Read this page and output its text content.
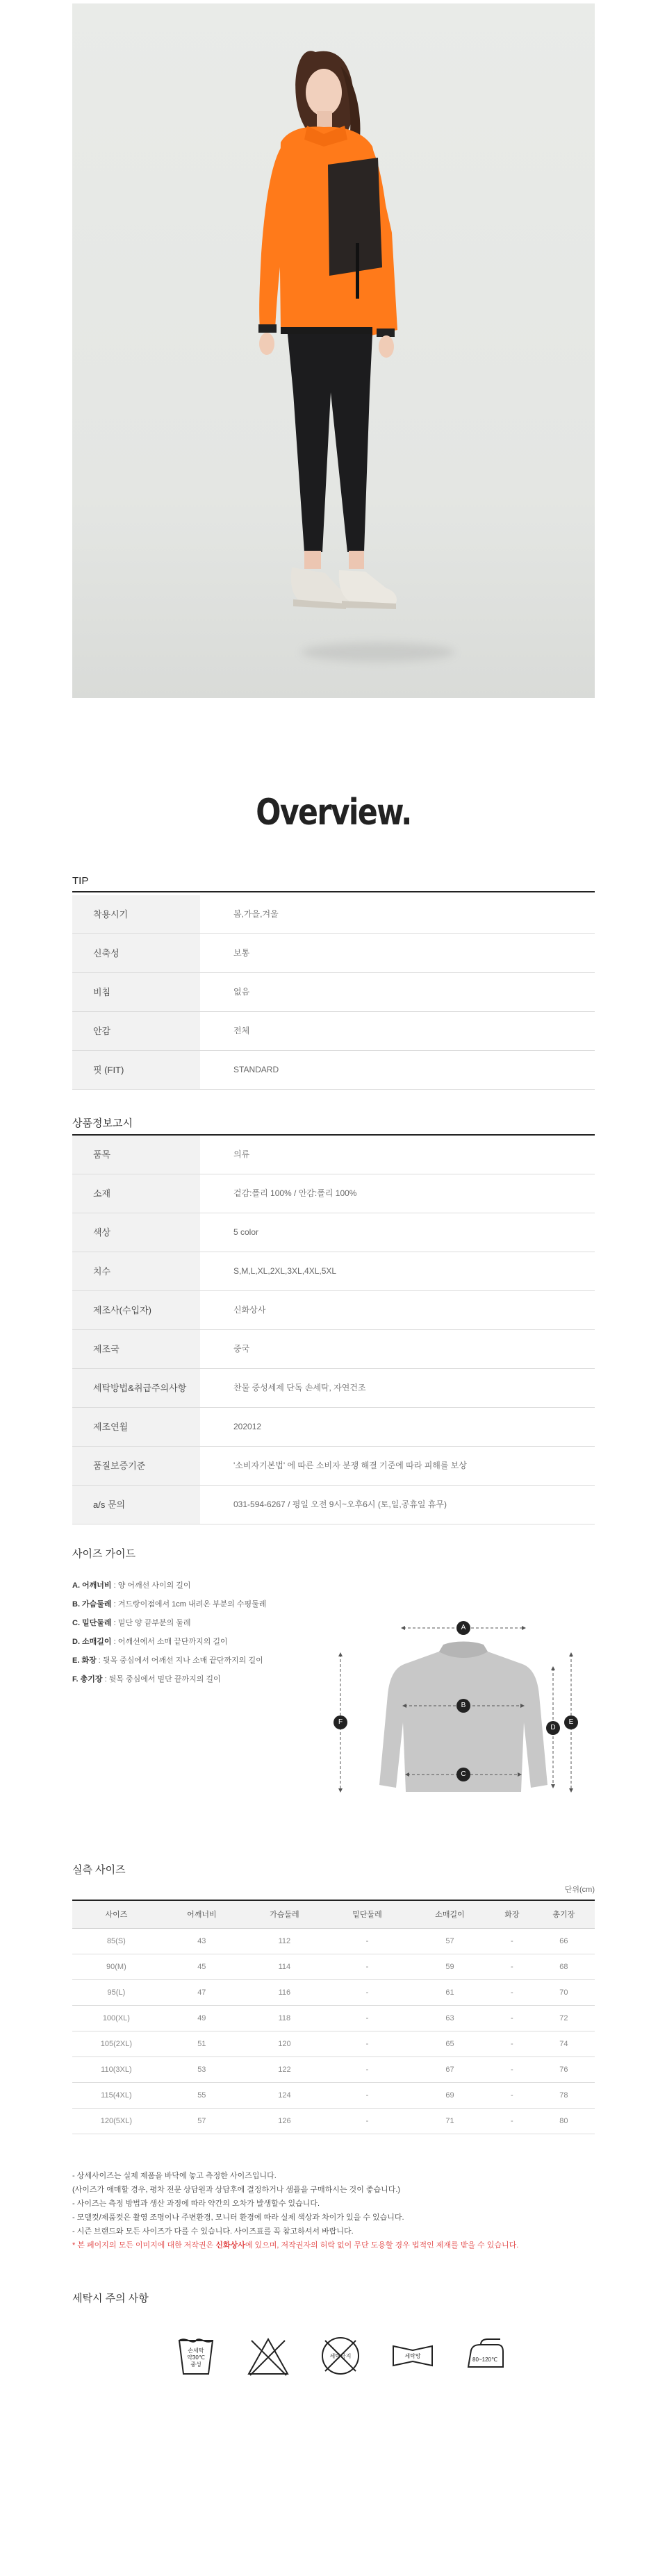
Overview.
TIP
착용시기	봄,가을,겨울
신축성	보통
비침	없음
안감	전체
핏 (FIT)	STANDARD
상품정보고시
품목	의류
소재	겉감:폴리 100% / 안감:폴리 100%
색상	5 color
치수	S,M,L,XL,2XL,3XL,4XL,5XL
제조사(수입자)	신화상사
제조국	중국
세탁방법&취급주의사항	찬물 중성세제 단독 손세탁, 자연건조
제조연월	202012
품질보증기준	'소비자기본법' 에 따른 소비자 분쟁 해결 기준에 따라 피해를 보상
a/s 문의	031-594-6267 / 평일 오전 9시~오후6시 (토,일,공휴일 휴무)
사이즈 가이드
A. 어깨너비 : 양 어깨선 사이의 길이
B. 가슴둘레 : 겨드랑이점에서 1cm 내려온 부분의 수평둘레
C. 밑단둘레 : 밑단 양 끝부분의 둘레
D. 소매길이 : 어깨선에서 소매 끝단까지의 길이
E. 화장 : 뒷목 중심에서 어깨선 지나 소매 끝단까지의 길이
F. 총기장 : 뒷목 중심에서 밑단 끝까지의 길이
A
B
C
D
E
F
실측 사이즈
단위(cm)
사이즈	어깨너비	가슴둘레	밑단둘레	소매길이	화장	총기장
85(S)	43	112	-	57	-	66
90(M)	45	114	-	59	-	68
95(L)	47	116	-	61	-	70
100(XL)	49	118	-	63	-	72
105(2XL)	51	120	-	65	-	74
110(3XL)	53	122	-	67	-	76
115(4XL)	55	124	-	69	-	78
120(5XL)	57	126	-	71	-	80
- 상세사이즈는 실제 제품을 바닥에 놓고 측정한 사이즈입니다.
(사이즈가 애매할 경우, 평차 전문 상담원과 상담후에 결정하거나 샘플을 구매하시는 것이 좋습니다.)
- 사이즈는 측정 방법과 생산 과정에 따라 약간의 오차가 발생할수 있습니다.
- 모델컷/제품컷은 촬영 조명이나 주변환경, 모니터 환경에 따라 실제 색상과 차이가 있을 수 있습니다.
- 시즌 브랜드와 모든 사이즈가 다를 수 있습니다. 사이즈표를 꼭 참고하셔서 바랍니다.
* 본 페이지의 모든 이미지에 대한 저작권은 신화상사에 있으며, 저작권자의 허락 없이 무단 도용할 경우 법적인 제재를 받을 수 있습니다.
세탁시 주의 사항
손세탁
약30℃
중성
세탁금지	세탁망
80~120℃
